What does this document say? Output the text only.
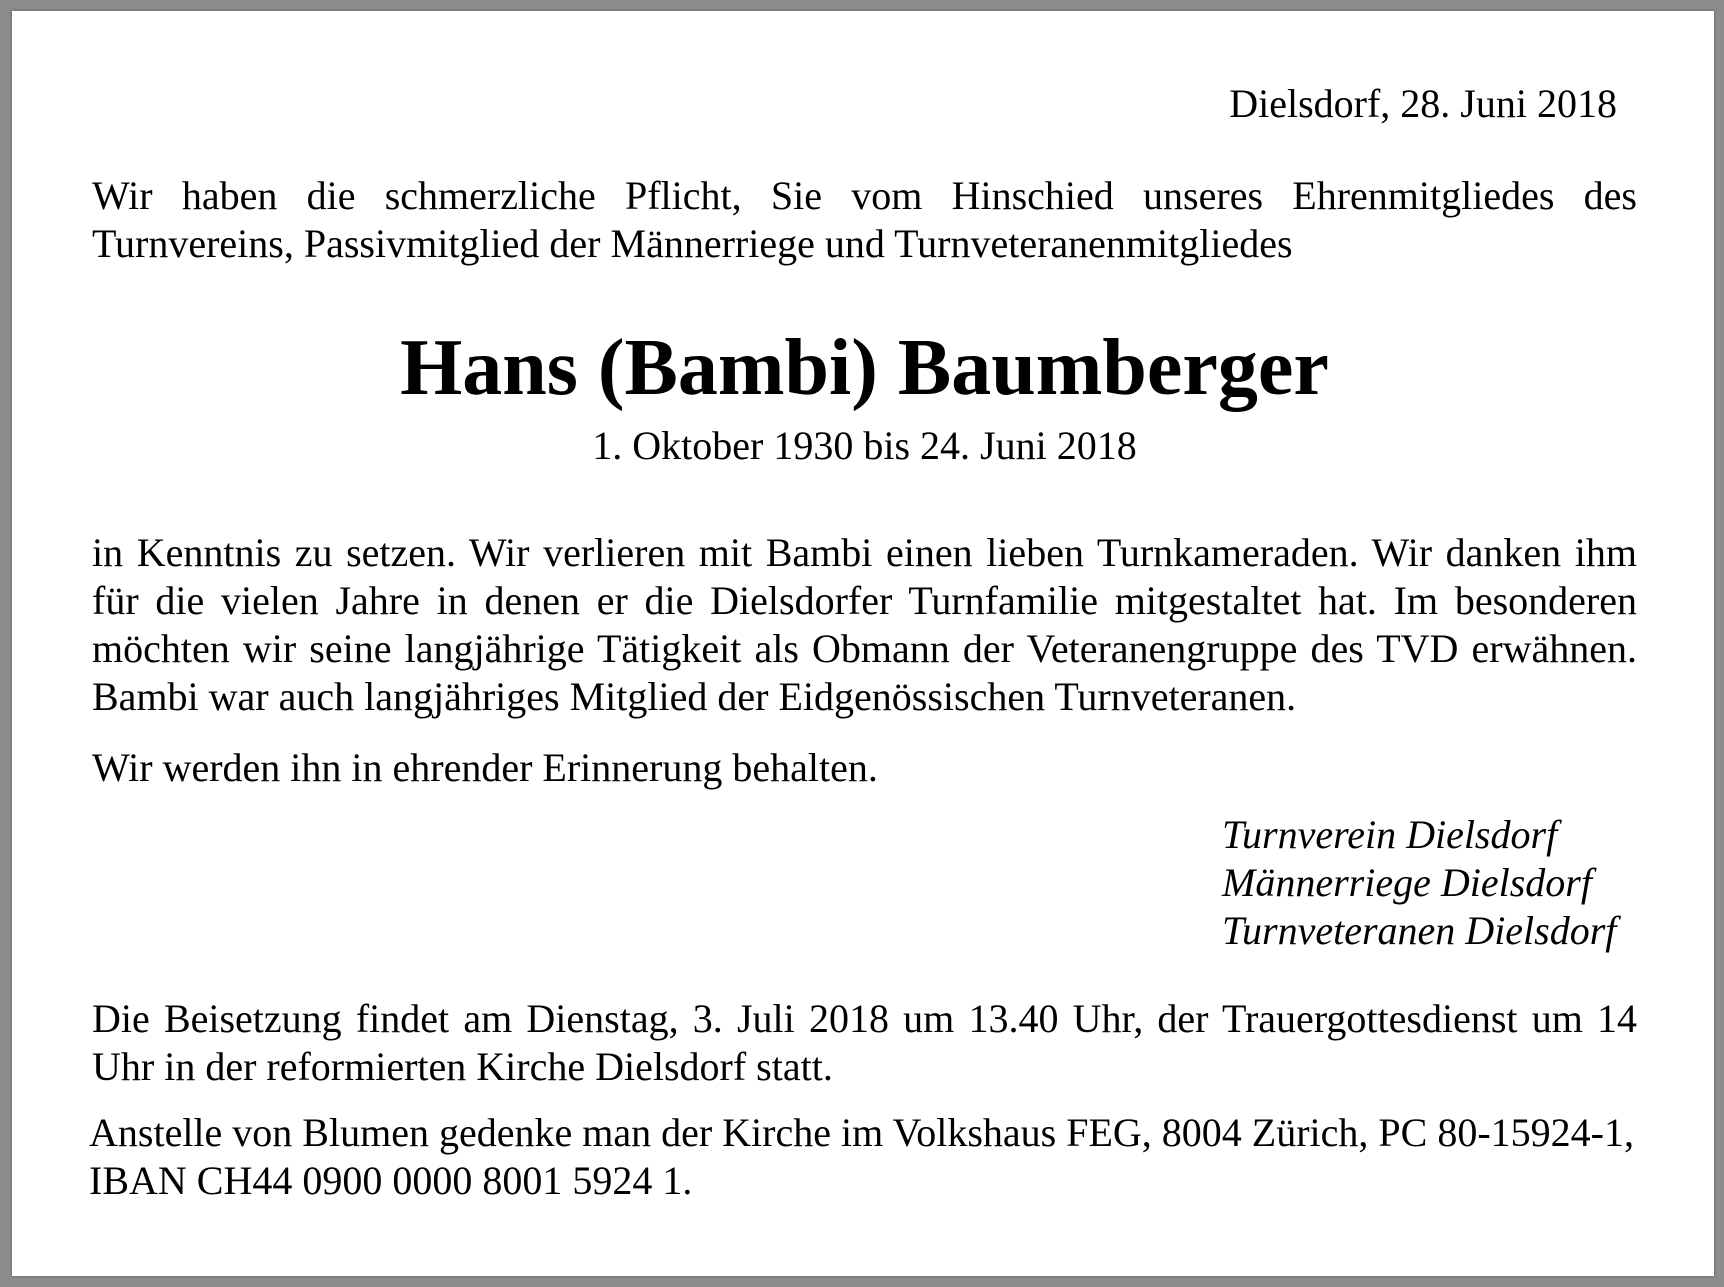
Dielsdorf, 28. Juni 2018

Wir haben die schmerzliche Pflicht, Sie vom Hinschied unseres Ehrenmitgliedes des Turnvereins, Passivmitglied der Männerriege und Turnveteranenmitgliedes

Hans (Bambi) Baumberger
1. Oktober 1930 bis 24. Juni 2018

in Kenntnis zu setzen. Wir verlieren mit Bambi einen lieben Turnkameraden. Wir danken ihm für die vielen Jahre in denen er die Dielsdorfer Turnfamilie mitgestaltet hat. Im besonderen möchten wir seine langjährige Tätigkeit als Obmann der Veteranengruppe des TVD erwähnen. Bambi war auch langjähriges Mitglied der Eidgenössischen Turnveteranen.

Wir werden ihn in ehrender Erinnerung behalten.

Turnverein Dielsdorf
Männerriege Dielsdorf
Turnveteranen Dielsdorf

Die Beisetzung findet am Dienstag, 3. Juli 2018 um 13.40 Uhr, der Trauergottesdienst um 14 Uhr in der reformierten Kirche Dielsdorf statt.

Anstelle von Blumen gedenke man der Kirche im Volkshaus FEG, 8004 Zürich, PC 80-15924-1, IBAN CH44 0900 0000 8001 5924 1.
